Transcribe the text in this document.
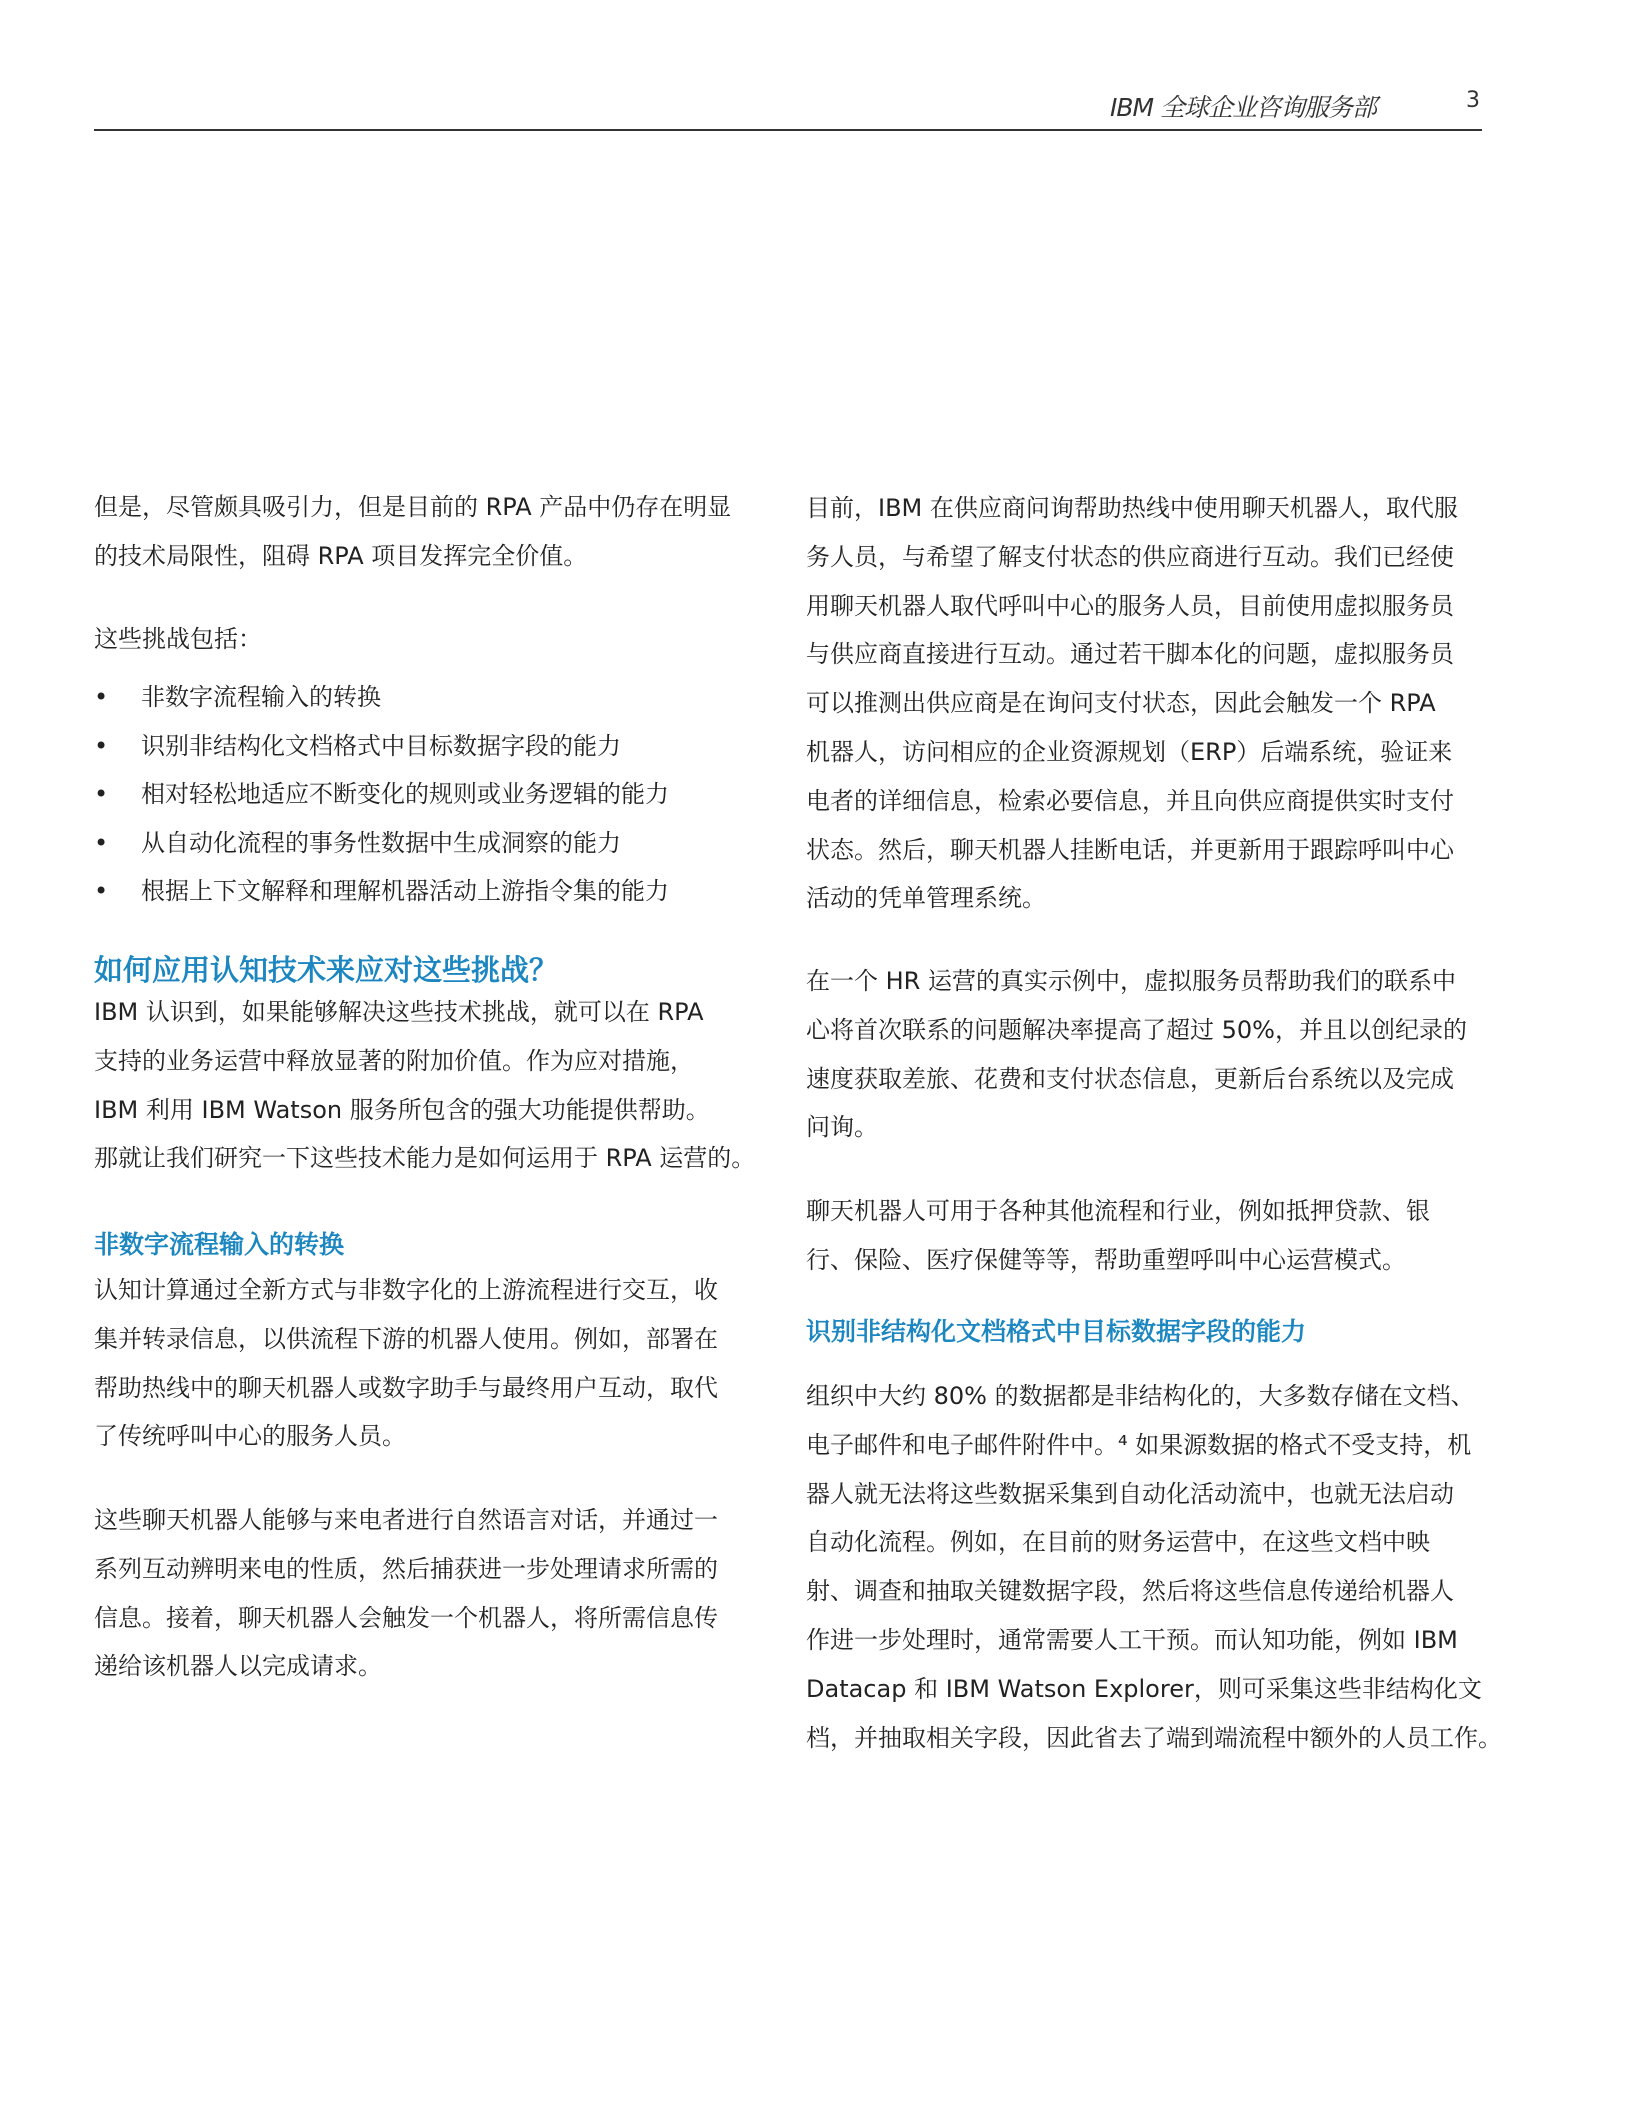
IBM 全球企业咨询服务部	3
但是，尽管颇具吸引力，但是目前的 RPA 产品中仍存在明显
的技术局限性，阻碍 RPA 项目发挥完全价值。
这些挑战包括：
•	非数字流程输入的转换
•	识别非结构化文档格式中目标数据字段的能力
•	相对轻松地适应不断变化的规则或业务逻辑的能力
•	从自动化流程的事务性数据中生成洞察的能力
•	根据上下文解释和理解机器活动上游指令集的能力
如何应用认知技术来应对这些挑战？
IBM 认识到，如果能够解决这些技术挑战，就可以在 RPA
支持的业务运营中释放显著的附加价值。作为应对措施，
IBM 利用 IBM Watson 服务所包含的强大功能提供帮助。
那就让我们研究一下这些技术能力是如何运用于 RPA 运营的。
非数字流程输入的转换
认知计算通过全新方式与非数字化的上游流程进行交互，收
集并转录信息，以供流程下游的机器人使用。例如，部署在
帮助热线中的聊天机器人或数字助手与最终用户互动，取代
了传统呼叫中心的服务人员。
这些聊天机器人能够与来电者进行自然语言对话，并通过一
系列互动辨明来电的性质，然后捕获进一步处理请求所需的
信息。接着，聊天机器人会触发一个机器人，将所需信息传
递给该机器人以完成请求。
目前，IBM 在供应商问询帮助热线中使用聊天机器人，取代服
务人员，与希望了解支付状态的供应商进行互动。我们已经使
用聊天机器人取代呼叫中心的服务人员，目前使用虚拟服务员
与供应商直接进行互动。通过若干脚本化的问题，虚拟服务员
可以推测出供应商是在询问支付状态，因此会触发一个 RPA
机器人，访问相应的企业资源规划（ERP）后端系统，验证来
电者的详细信息，检索必要信息，并且向供应商提供实时支付
状态。然后，聊天机器人挂断电话，并更新用于跟踪呼叫中心
活动的凭单管理系统。
在一个 HR 运营的真实示例中，虚拟服务员帮助我们的联系中
心将首次联系的问题解决率提高了超过 50%，并且以创纪录的
速度获取差旅、花费和支付状态信息，更新后台系统以及完成
问询。
聊天机器人可用于各种其他流程和行业，例如抵押贷款、银
行、保险、医疗保健等等，帮助重塑呼叫中心运营模式。
识别非结构化文档格式中目标数据字段的能力
组织中大约 80% 的数据都是非结构化的，大多数存储在文档、
电子邮件和电子邮件附件中。⁴ 如果源数据的格式不受支持，机
器人就无法将这些数据采集到自动化活动流中，也就无法启动
自动化流程。例如，在目前的财务运营中，在这些文档中映
射、调查和抽取关键数据字段，然后将这些信息传递给机器人
作进一步处理时，通常需要人工干预。而认知功能，例如 IBM
Datacap 和 IBM Watson Explorer，则可采集这些非结构化文
档，并抽取相关字段，因此省去了端到端流程中额外的人员工作。
